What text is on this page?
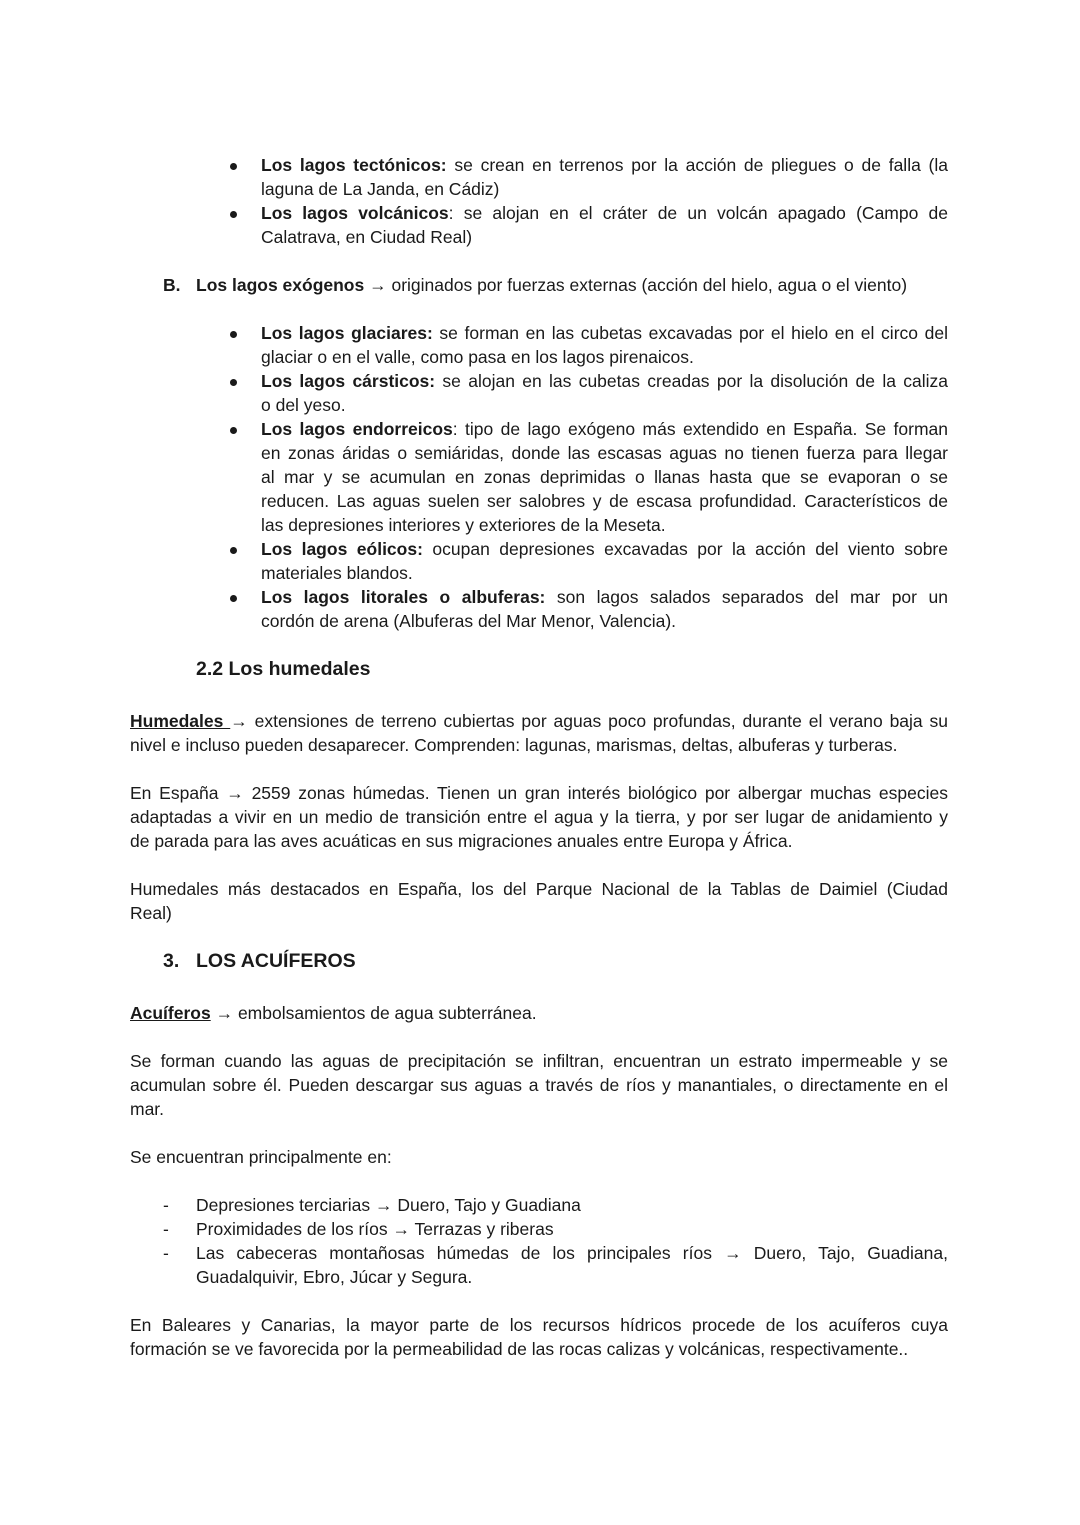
Los lagos tectónicos: se crean en terrenos por la acción de pliegues o de falla (la
laguna de La Janda, en Cádiz)
Los lagos volcánicos: se alojan en el cráter de un volcán apagado (Campo de
Calatrava, en Ciudad Real)
B. Los lagos exógenos → originados por fuerzas externas (acción del hielo, agua o el viento)
Los lagos glaciares: se forman en las cubetas excavadas por el hielo en el circo del
glaciar o en el valle, como pasa en los lagos pirenaicos.
Los lagos cársticos: se alojan en las cubetas creadas por la disolución de la caliza
o del yeso.
Los lagos endorreicos: tipo de lago exógeno más extendido en España. Se forman
en zonas áridas o semiáridas, donde las escasas aguas no tienen fuerza para llegar
al mar y se acumulan en zonas deprimidas o llanas hasta que se evaporan o se
reducen. Las aguas suelen ser salobres y de escasa profundidad. Característicos de
las depresiones interiores y exteriores de la Meseta.
Los lagos eólicos: ocupan depresiones excavadas por la acción del viento sobre
materiales blandos.
Los lagos litorales o albuferas: son lagos salados separados del mar por un
cordón de arena (Albuferas del Mar Menor, Valencia).
2.2 Los humedales
Humedales → extensiones de terreno cubiertas por aguas poco profundas, durante el verano baja su
nivel e incluso pueden desaparecer. Comprenden: lagunas, marismas, deltas, albuferas y turberas.
En España → 2559 zonas húmedas. Tienen un gran interés biológico por albergar muchas especies
adaptadas a vivir en un medio de transición entre el agua y la tierra, y por ser lugar de anidamiento y
de parada para las aves acuáticas en sus migraciones anuales entre Europa y África.
Humedales más destacados en España, los del Parque Nacional de la Tablas de Daimiel (Ciudad
Real)
3. LOS ACUÍFEROS
Acuíferos → embolsamientos de agua subterránea.
Se forman cuando las aguas de precipitación se infiltran, encuentran un estrato impermeable y se
acumulan sobre él. Pueden descargar sus aguas a través de ríos y manantiales, o directamente en el
mar.
Se encuentran principalmente en:
- Depresiones terciarias → Duero, Tajo y Guadiana
- Proximidades de los ríos → Terrazas y riberas
- Las cabeceras montañosas húmedas de los principales ríos → Duero, Tajo, Guadiana,
Guadalquivir, Ebro, Júcar y Segura.
En Baleares y Canarias, la mayor parte de los recursos hídricos procede de los acuíferos cuya
formación se ve favorecida por la permeabilidad de las rocas calizas y volcánicas, respectivamente..
